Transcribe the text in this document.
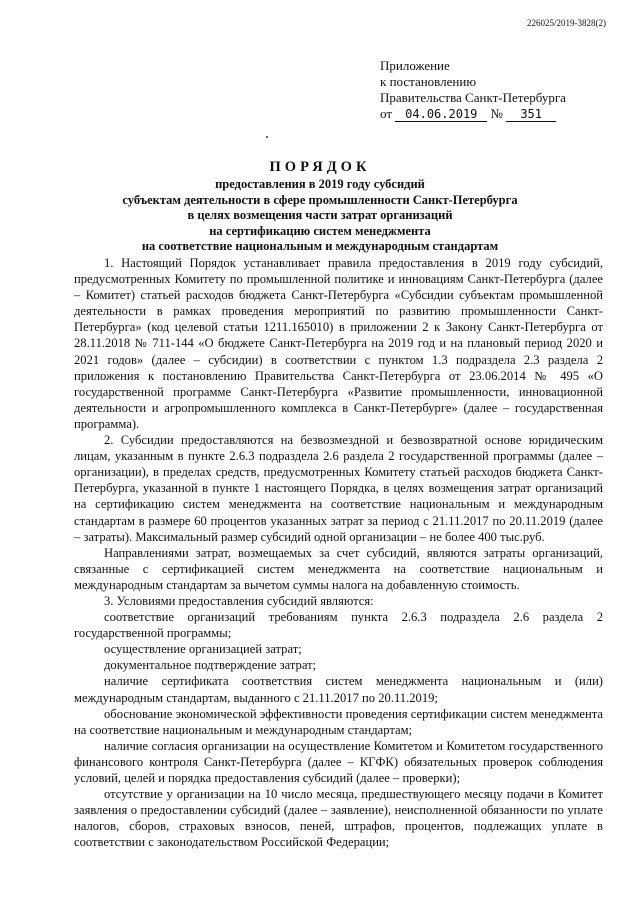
226025/2019-3828(2)
Приложение
к постановлению
Правительства Санкт-Петербурга
от 04.06.2019 № 351
ПОРЯДОК
предоставления в 2019 году субсидий
субъектам деятельности в сфере промышленности Санкт-Петербурга
в целях возмещения части затрат организаций
на сертификацию систем менеджмента
на соответствие национальным и международным стандартам

1. Настоящий Порядок устанавливает правила предоставления в 2019 году субсидий, предусмотренных Комитету по промышленной политике и инновациям Санкт-Петербурга (далее – Комитет) статьей расходов бюджета Санкт-Петербурга «Субсидии субъектам промышленной деятельности в рамках проведения мероприятий по развитию промышленности Санкт-Петербурга» (код целевой статьи 1211.165010) в приложении 2 к Закону Санкт-Петербурга от 28.11.2018 № 711-144 «О бюджете Санкт-Петербурга на 2019 год и на плановый период 2020 и 2021 годов» (далее – субсидии) в соответствии с пунктом 1.3 подраздела 2.3 раздела 2 приложения к постановлению Правительства Санкт-Петербурга от 23.06.2014 № 495 «О государственной программе Санкт-Петербурга «Развитие промышленности, инновационной деятельности и агропромышленного комплекса в Санкт-Петербурге» (далее – государственная программа).

2. Субсидии предоставляются на безвозмездной и безвозвратной основе юридическим лицам, указанным в пункте 2.6.3 подраздела 2.6 раздела 2 государственной программы (далее – организации), в пределах средств, предусмотренных Комитету статьей расходов бюджета Санкт-Петербурга, указанной в пункте 1 настоящего Порядка, в целях возмещения затрат организаций на сертификацию систем менеджмента на соответствие национальным и международным стандартам в размере 60 процентов указанных затрат за период с 21.11.2017 по 20.11.2019 (далее – затраты). Максимальный размер субсидий одной организации – не более 400 тыс.руб.

Направлениями затрат, возмещаемых за счет субсидий, являются затраты организаций, связанные с сертификацией систем менеджмента на соответствие национальным и международным стандартам за вычетом суммы налога на добавленную стоимость.

3. Условиями предоставления субсидий являются:

соответствие организаций требованиям пункта 2.6.3 подраздела 2.6 раздела 2 государственной программы;

осуществление организацией затрат;

документальное подтверждение затрат;

наличие сертификата соответствия систем менеджмента национальным и (или) международным стандартам, выданного с 21.11.2017 по 20.11.2019;

обоснование экономической эффективности проведения сертификации систем менеджмента на соответствие национальным и международным стандартам;

наличие согласия организации на осуществление Комитетом и Комитетом государственного финансового контроля Санкт-Петербурга (далее – КГФК) обязательных проверок соблюдения условий, целей и порядка предоставления субсидий (далее – проверки);

отсутствие у организации на 10 число месяца, предшествующего месяцу подачи в Комитет заявления о предоставлении субсидий (далее – заявление), неисполненной обязанности по уплате налогов, сборов, страховых взносов, пеней, штрафов, процентов, подлежащих уплате в соответствии с законодательством Российской Федерации;
